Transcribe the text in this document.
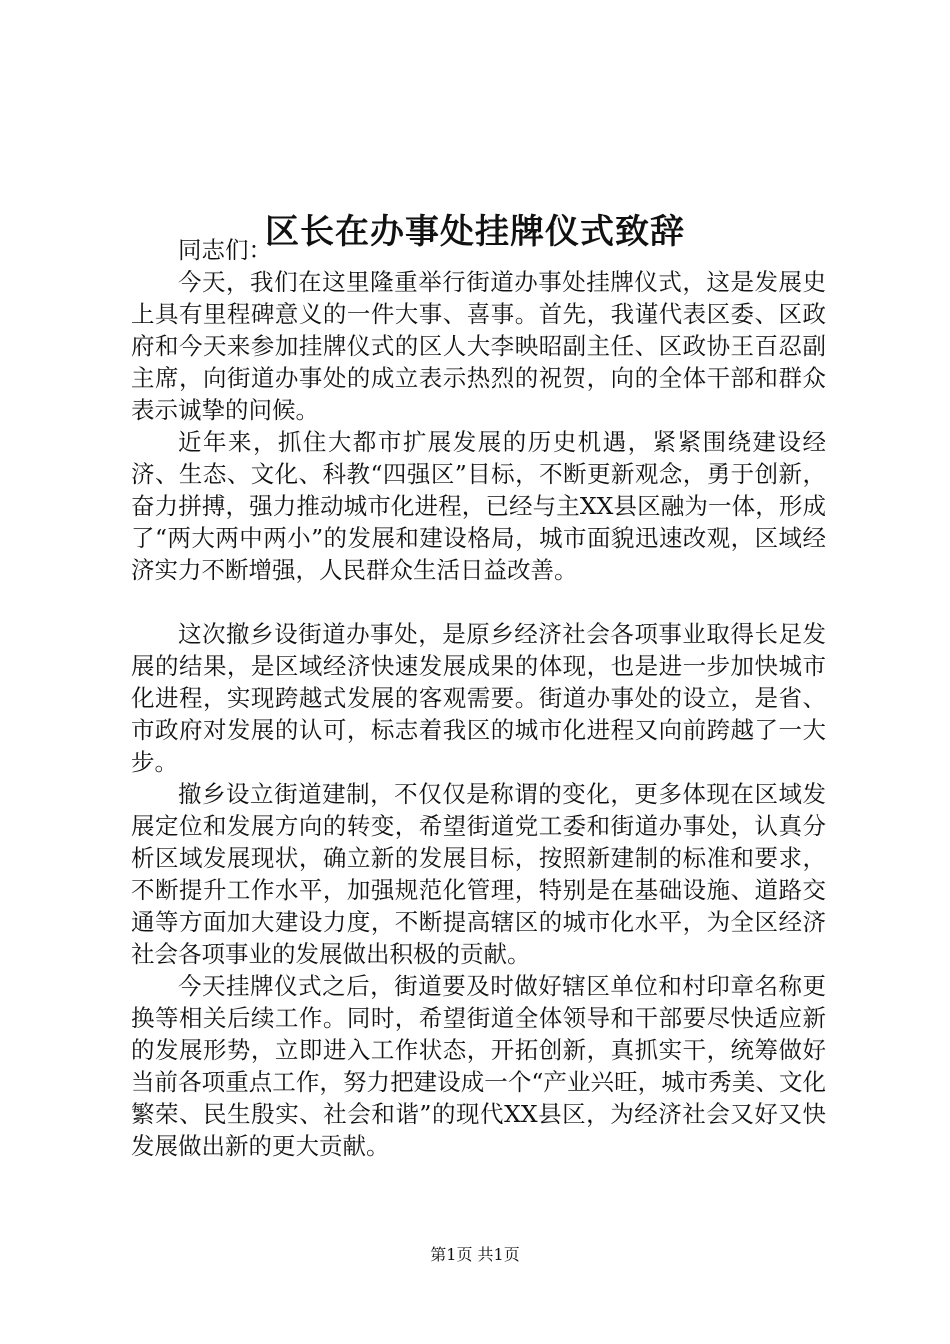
区长在办事处挂牌仪式致辞

同志们：

今天，我们在这里隆重举行街道办事处挂牌仪式，这是发展史上具有里程碑意义的一件大事、喜事。首先，我谨代表区委、区政府和今天来参加挂牌仪式的区人大李映昭副主任、区政协王百忍副主席，向街道办事处的成立表示热烈的祝贺，向的全体干部和群众表示诚挚的问候。

近年来，抓住大都市扩展发展的历史机遇，紧紧围绕建设经济、生态、文化、科教“四强区”目标，不断更新观念，勇于创新，奋力拼搏，强力推动城市化进程，已经与主XX县区融为一体，形成了“两大两中两小”的发展和建设格局，城市面貌迅速改观，区域经济实力不断增强，人民群众生活日益改善。

这次撤乡设街道办事处，是原乡经济社会各项事业取得长足发展的结果，是区域经济快速发展成果的体现，也是进一步加快城市化进程，实现跨越式发展的客观需要。街道办事处的设立，是省、市政府对发展的认可，标志着我区的城市化进程又向前跨越了一大步。

撤乡设立街道建制，不仅仅是称谓的变化，更多体现在区域发展定位和发展方向的转变，希望街道党工委和街道办事处，认真分析区域发展现状，确立新的发展目标，按照新建制的标准和要求，不断提升工作水平，加强规范化管理，特别是在基础设施、道路交通等方面加大建设力度，不断提高辖区的城市化水平，为全区经济社会各项事业的发展做出积极的贡献。

今天挂牌仪式之后，街道要及时做好辖区单位和村印章名称更换等相关后续工作。同时，希望街道全体领导和干部要尽快适应新的发展形势，立即进入工作状态，开拓创新，真抓实干，统筹做好当前各项重点工作，努力把建设成一个“产业兴旺，城市秀美、文化繁荣、民生殷实、社会和谐”的现代XX县区，为经济社会又好又快发展做出新的更大贡献。

第1页 共1页
